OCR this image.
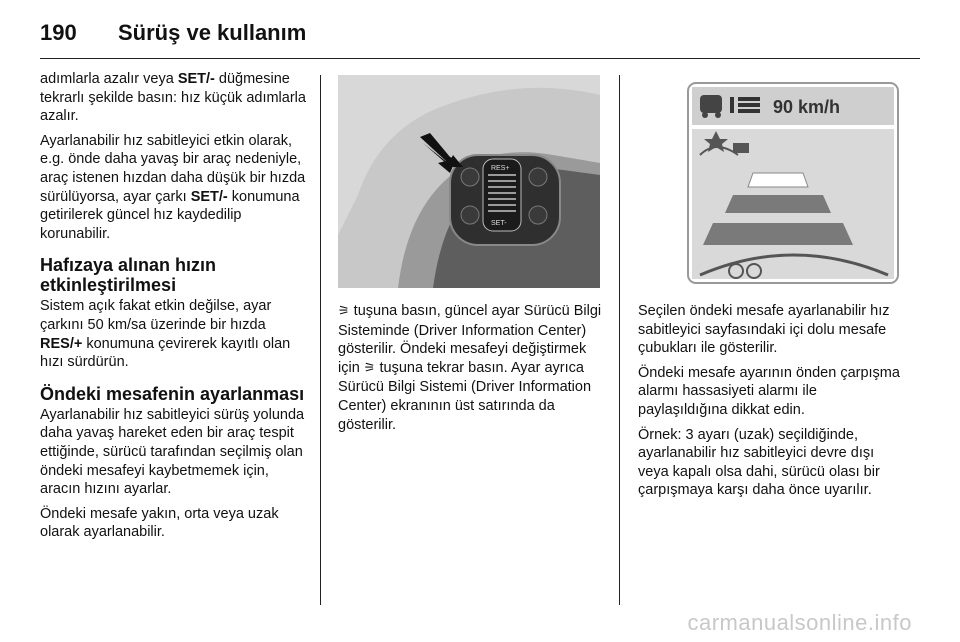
190 Sürüş ve kullanım

adımlarla azalır veya SET/- düğmesine tekrarlı şekilde basın: hız küçük adımlarla azalır.

Ayarlanabilir hız sabitleyici etkin olarak, e.g. önde daha yavaş bir araç nedeniyle, araç istenen hızdan daha düşük bir hızda sürülüyorsa, ayar çarkı SET/- konumuna getirilerek güncel hız kaydedilip korunabilir.

Hafızaya alınan hızın etkinleştirilmesi

Sistem açık fakat etkin değilse, ayar çarkını 50 km/sa üzerinde bir hızda RES/+ konumuna çevirerek kayıtlı olan hızı sürdürün.

Öndeki mesafenin ayarlanması

Ayarlanabilir hız sabitleyici sürüş yolunda daha yavaş hareket eden bir araç tespit ettiğinde, sürücü tarafından seçilmiş olan öndeki mesafeyi kaybetmemek için, aracın hızını ayarlar.

Öndeki mesafe yakın, orta veya uzak olarak ayarlanabilir.

RES+
SET-

⚞ tuşuna basın, güncel ayar Sürücü Bilgi Sisteminde (Driver Information Center) gösterilir. Öndeki mesafeyi değiştirmek için ⚞ tuşuna tekrar basın. Ayar ayrıca Sürücü Bilgi Sistemi (Driver Information Center) ekranının üst satırında da gösterilir.

90 km/h

Seçilen öndeki mesafe ayarlanabilir hız sabitleyici sayfasındaki içi dolu mesafe çubukları ile gösterilir.

Öndeki mesafe ayarının önden çarpışma alarmı hassasiyeti alarmı ile paylaşıldığına dikkat edin.

Örnek: 3 ayarı (uzak) seçildiğinde, ayarlanabilir hız sabitleyici devre dışı veya kapalı olsa dahi, sürücü olası bir çarpışmaya karşı daha önce uyarılır.

carmanualsonline.info
